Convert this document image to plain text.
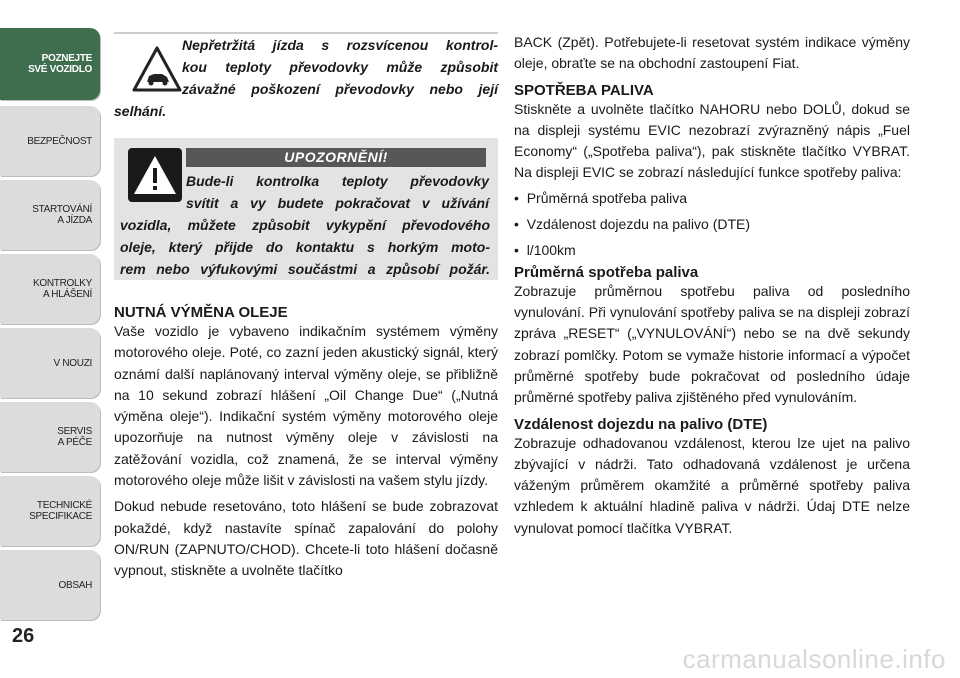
POZNEJTE
SVÉ VOZIDLO
BEZPEČNOST
STARTOVÁNÍ
A JÍZDA
KONTROLKY
A HLÁŠENÍ
V NOUZI
SERVIS
A PÉČE
TECHNICKÉ
SPECIFIKACE
OBSAH
26

Nepřetržitá jízda s rozsvícenou kontrol-

kou teploty převodovky může způsobit

závažné poškození převodovky nebo její

selhání.

UPOZORNĚNÍ!

Bude-li kontrolka teploty převodovky

svítit a vy budete pokračovat v užívání

vozidla, můžete způsobit vykypění převodového

oleje, který přijde do kontaktu s horkým moto-

rem nebo výfukovými součástmi a způsobí požár.

NUTNÁ VÝMĚNA OLEJE

Vaše vozidlo je vybaveno indikačním systémem výměny motorového oleje. Poté, co zazní jeden akustický signál, který oznámí další naplánovaný interval výměny oleje, se přibližně na 10 sekund zobrazí hlášení „Oil Change Due“ („Nutná výměna oleje“). Indikační systém výměny motorového oleje upozorňuje na nutnost výměny oleje v závislosti na zatěžování vozidla, což znamená, že se interval výměny motorového oleje může lišit v závislosti na vašem stylu jízdy.

Dokud nebude resetováno, toto hlášení se bude zobrazovat pokaždé, když nastavíte spínač zapalování do polohy ON/RUN (ZAPNUTO/CHOD). Chcete-li toto hlášení dočasně vypnout, stiskněte a uvolněte tlačítko

BACK (Zpět). Potřebujete-li resetovat systém indikace výměny oleje, obraťte se na obchodní zastoupení Fiat.

SPOTŘEBA PALIVA

Stiskněte a uvolněte tlačítko NAHORU nebo DOLŮ, dokud se na displeji systému EVIC nezobrazí zvýrazněný nápis „Fuel Economy“ („Spotřeba paliva“), pak stiskněte tlačítko VYBRAT. Na displeji EVIC se zobrazí následující funkce spotřeby paliva:

•  Průměrná spotřeba paliva

•  Vzdálenost dojezdu na palivo (DTE)

•  l/100km

Průměrná spotřeba paliva

Zobrazuje průměrnou spotřebu paliva od posledního vynulování. Při vynulování spotřeby paliva se na displeji zobrazí zpráva „RESET“ („VYNULOVÁNÍ“) nebo se na dvě sekundy zobrazí pomlčky. Potom se vymaže historie informací a výpočet průměrné spotřeby bude pokračovat od posledního údaje průměrné spotřeby paliva zjištěného před vynulováním.

Vzdálenost dojezdu na palivo (DTE)

Zobrazuje odhadovanou vzdálenost, kterou lze ujet na palivo zbývající v nádrži. Tato odhadovaná vzdálenost je určena váženým průměrem okamžité a průměrné spotřeby paliva vzhledem k aktuální hladině paliva v nádrži. Údaj DTE nelze vynulovat pomocí tlačítka VYBRAT.

carmanualsonline.info
